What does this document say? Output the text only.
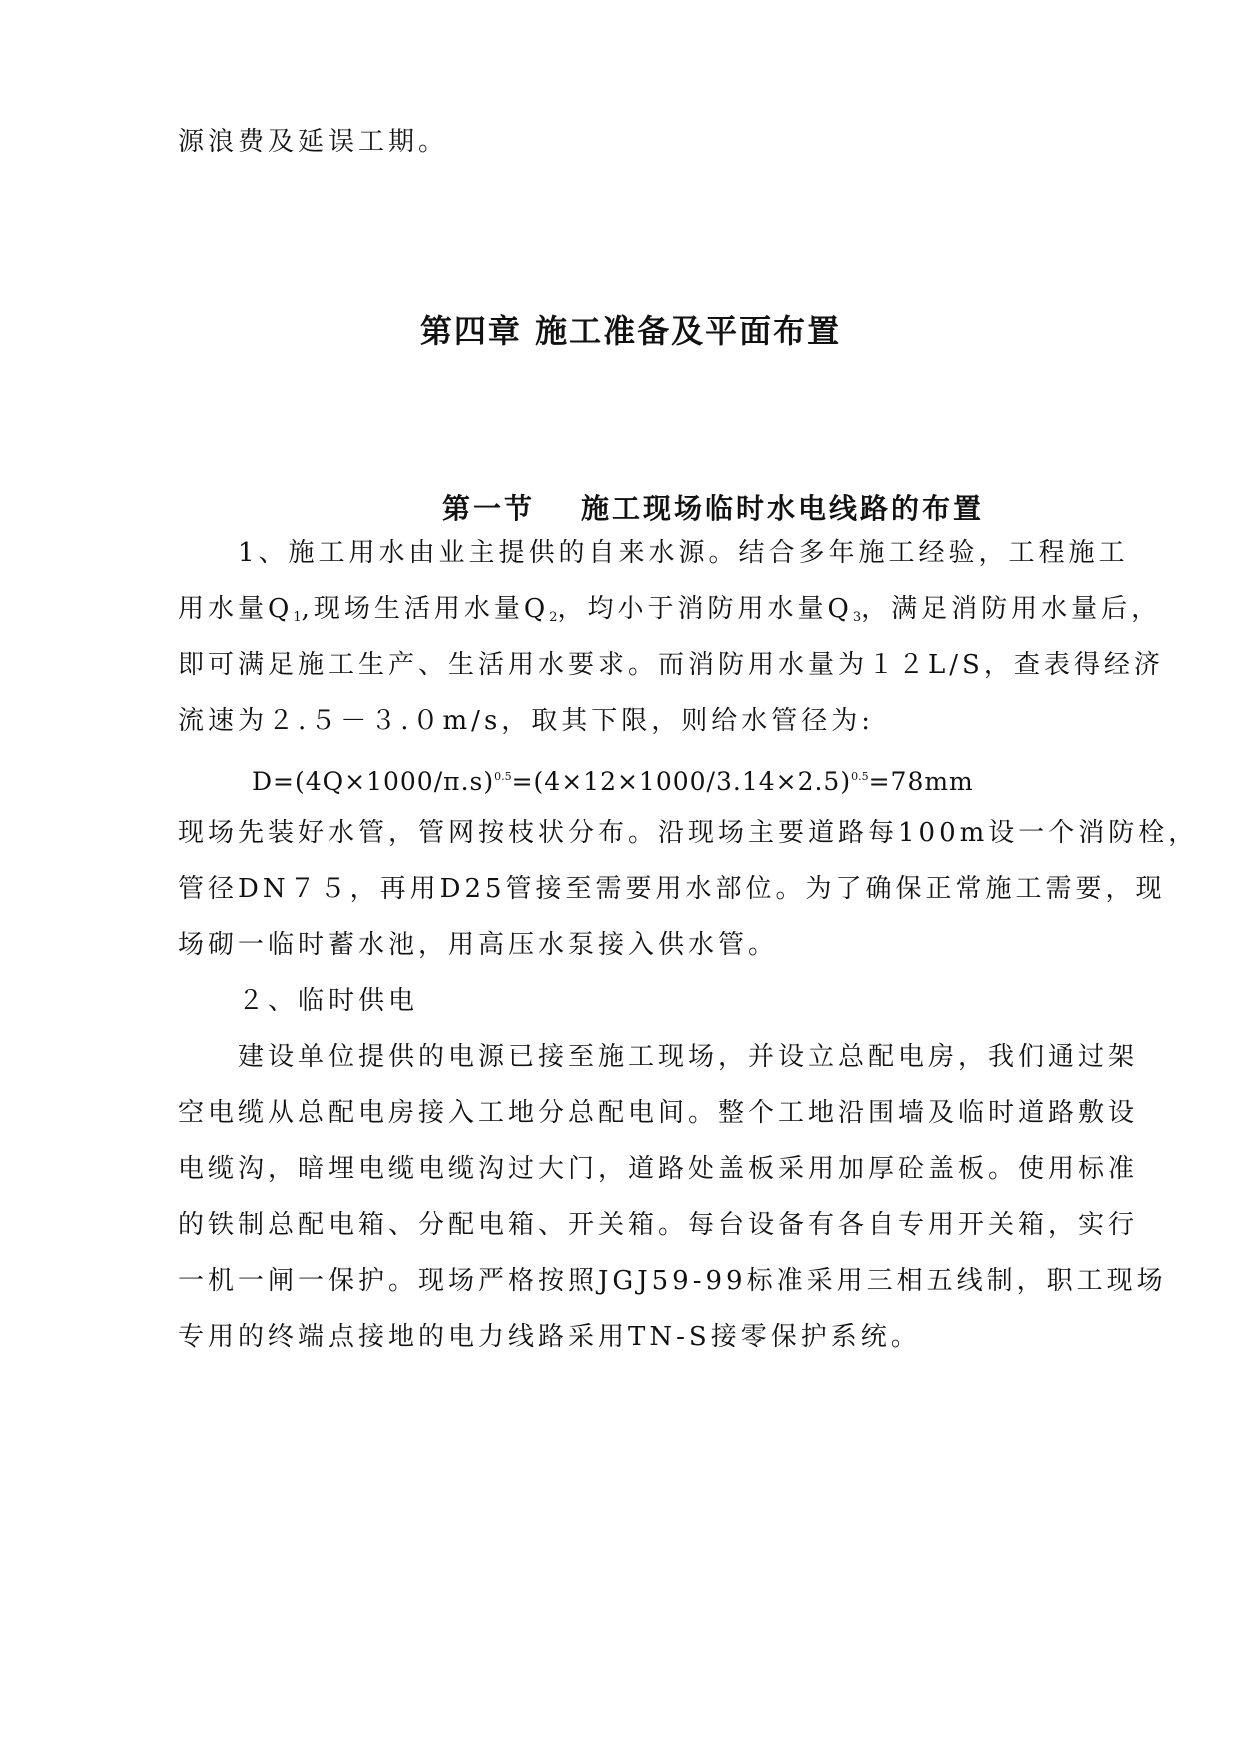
源浪费及延误工期。
第四章 施工准备及平面布置
第一节 施工现场临时水电线路的布置
1、施工用水由业主提供的自来水源。结合多年施工经验，工程施工
用水量$Q_1$,现场生活用水量$Q_2$，均小于消防用水量$Q_3$，满足消防用水量后，
即可满足施工生产、生活用水要求。而消防用水量为１２L/S，查表得经济
流速为２.５－３.０m/s，取其下限，则给水管径为:
$D=(4Q\times 1000/\pi.s)^{0.5}=(4\times 12\times 1000/3.14\times 2.5)^{0.5}=78mm$
现场先装好水管，管网按枝状分布。沿现场主要道路每100m设一个消防栓，
管径DN７５，再用D25管接至需要用水部位。为了确保正常施工需要，现
场砌一临时蓄水池，用高压水泵接入供水管。
２、临时供电
建设单位提供的电源已接至施工现场，并设立总配电房，我们通过架
空电缆从总配电房接入工地分总配电间。整个工地沿围墙及临时道路敷设
电缆沟，暗埋电缆电缆沟过大门，道路处盖板采用加厚砼盖板。使用标准
的铁制总配电箱、分配电箱、开关箱。每台设备有各自专用开关箱，实行
一机一闸一保护。现场严格按照JGJ59-99标准采用三相五线制，职工现场
专用的终端点接地的电力线路采用TN-S接零保护系统。
